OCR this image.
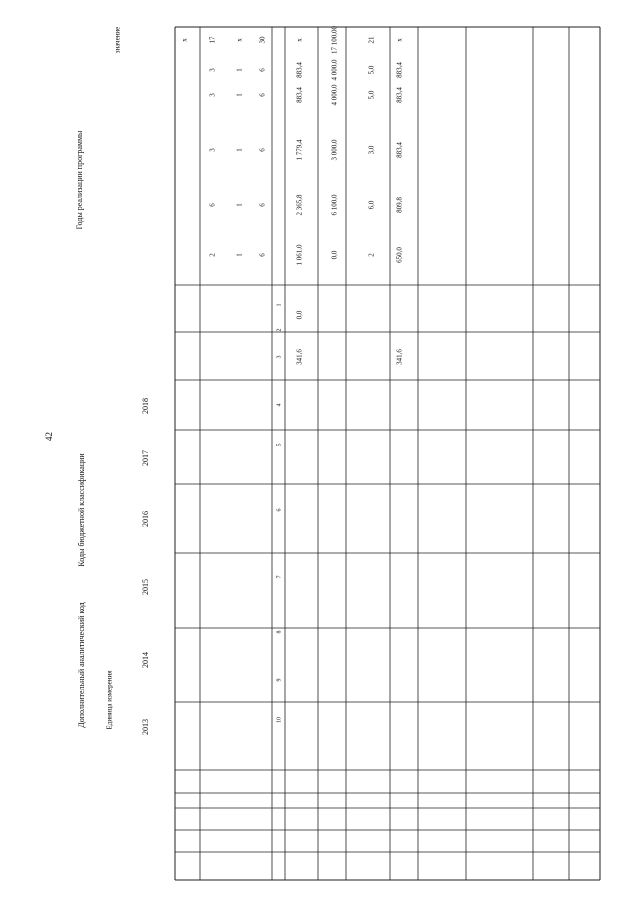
42
Коды бюджетной классификации
Дополнительный аналитический код
Годы реализации программы
Единица измерения
значение
2013
2014
2015
2016
2017
2018
1
2
3
4
5
6
7
8
9
10
x
2
6
3
3
3
17
1
1
1
1
1
x
6
6
6
6
6
30
341,6
0,0
1 061,0
2 365,8
1 779,4
883,4
883,4
x
0,0
6 100,0
3 000,0
4 000,0
4 000,0
17 100,00
2
6,0
3,0
5,0
5,0
21
341,6
650,0
809,8
883,4
883,4
883,4
x
